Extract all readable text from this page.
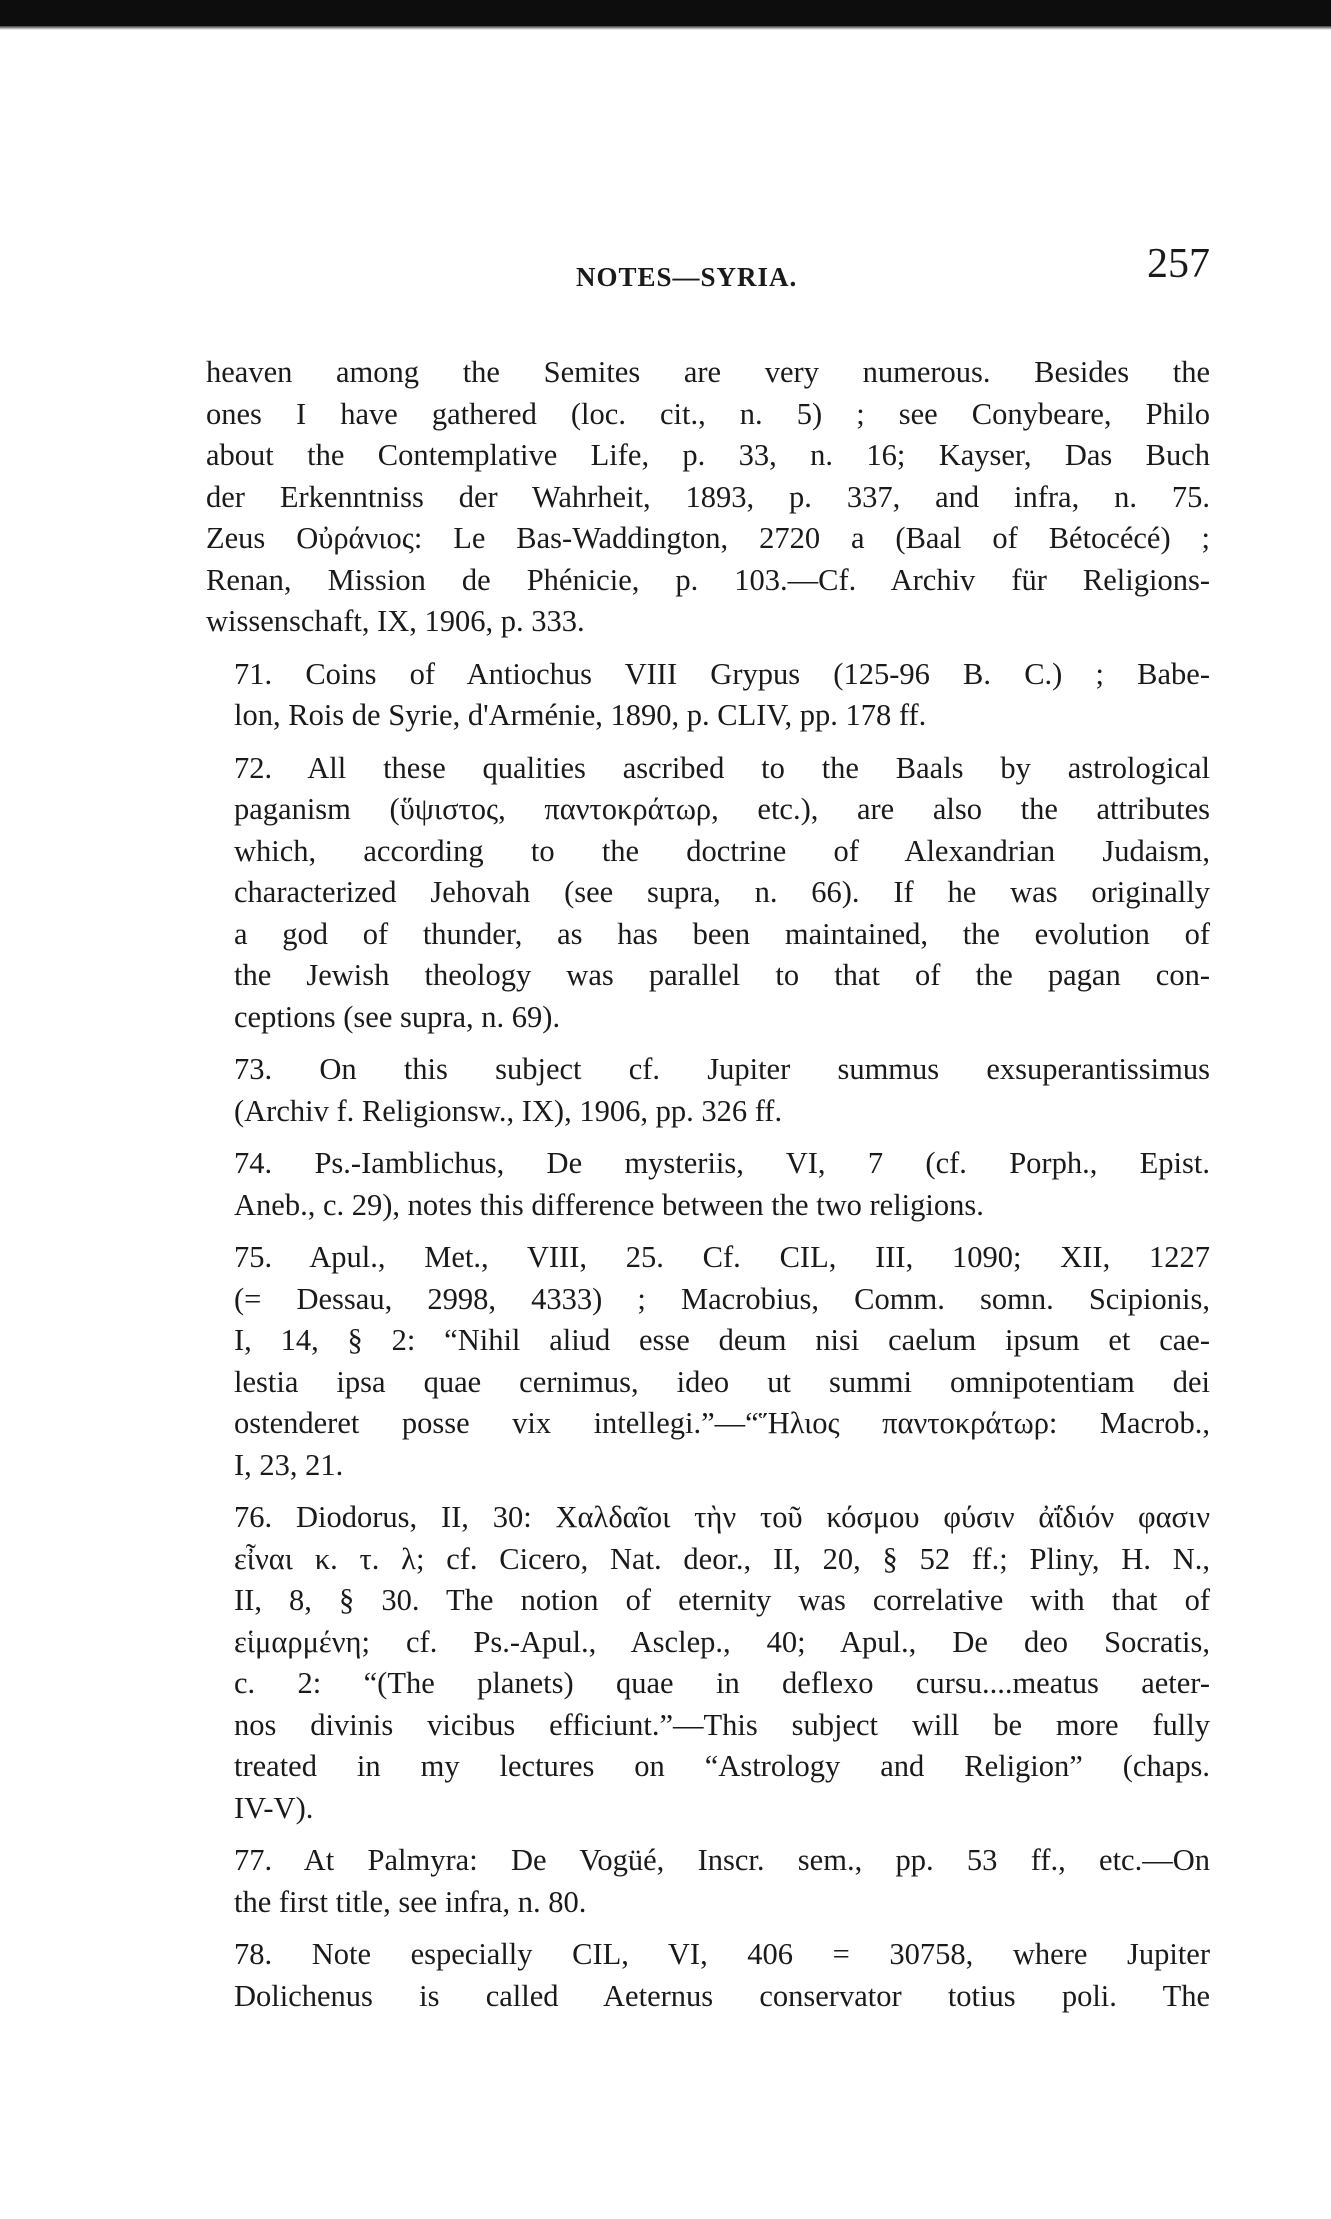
NOTES—SYRIA.	257

heaven among the Semites are very numerous. Besides the
ones I have gathered (loc. cit., n. 5) ; see Conybeare, Philo
about the Contemplative Life, p. 33, n. 16; Kayser, Das Buch
der Erkenntniss der Wahrheit, 1893, p. 337, and infra, n. 75.
Zeus Οὐράνιος: Le Bas-Waddington, 2720 a (Baal of Bétocécé) ;
Renan, Mission de Phénicie, p. 103.—Cf. Archiv für Religions-
wissenschaft, IX, 1906, p. 333.

71. Coins of Antiochus VIII Grypus (125-96 B. C.) ; Babe-
lon, Rois de Syrie, d'Arménie, 1890, p. CLIV, pp. 178 ff.

72. All these qualities ascribed to the Baals by astrological
paganism (ὕψιστος, παντοκράτωρ, etc.), are also the attributes
which, according to the doctrine of Alexandrian Judaism,
characterized Jehovah (see supra, n. 66). If he was originally
a god of thunder, as has been maintained, the evolution of
the Jewish theology was parallel to that of the pagan con-
ceptions (see supra, n. 69).

73. On this subject cf. Jupiter summus exsuperantissimus
(Archiv f. Religionsw., IX), 1906, pp. 326 ff.

74. Ps.-Iamblichus, De mysteriis, VI, 7 (cf. Porph., Epist.
Aneb., c. 29), notes this difference between the two religions.

75. Apul., Met., VIII, 25. Cf. CIL, III, 1090; XII, 1227
(= Dessau, 2998, 4333) ; Macrobius, Comm. somn. Scipionis,
I, 14, § 2: “Nihil aliud esse deum nisi caelum ipsum et cae-
lestia ipsa quae cernimus, ideo ut summi omnipotentiam dei
ostenderet posse vix intellegi.”—“Ἥλιος παντοκράτωρ: Macrob.,
I, 23, 21.

76. Diodorus, II, 30: Χαλδαῖοι τὴν τοῦ κόσμου φύσιν ἀΐδιόν φασιν
εἶναι κ. τ. λ; cf. Cicero, Nat. deor., II, 20, § 52 ff.; Pliny, H. N.,
II, 8, § 30. The notion of eternity was correlative with that of
εἱμαρμένη; cf. Ps.-Apul., Asclep., 40; Apul., De deo Socratis,
c. 2: “(The planets) quae in deflexo cursu....meatus aeter-
nos divinis vicibus efficiunt.”—This subject will be more fully
treated in my lectures on “Astrology and Religion” (chaps.
IV-V).

77. At Palmyra: De Vogüé, Inscr. sem., pp. 53 ff., etc.—On
the first title, see infra, n. 80.

78. Note especially CIL, VI, 406 = 30758, where Jupiter
Dolichenus is called Aeternus conservator totius poli. The
